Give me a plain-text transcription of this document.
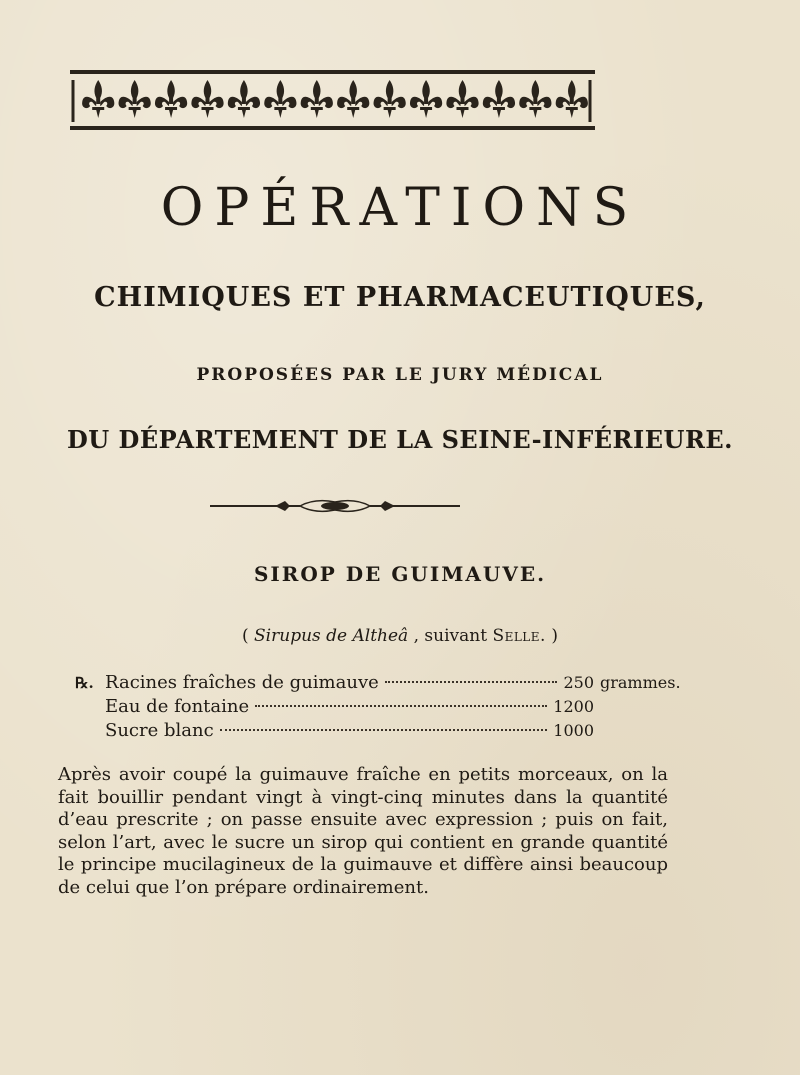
OPÉRATIONS
CHIMIQUES ET PHARMACEUTIQUES,
PROPOSÉES PAR LE JURY MÉDICAL
DU DÉPARTEMENT DE LA SEINE-INFÉRIEURE.
SIROP DE GUIMAUVE.
( Sirupus de Altheâ , suivant Selle. )
℞. Racines fraîches de guimauve	250 grammes.
Eau de fontaine	1200
Sucre blanc	1000

Après avoir coupé la guimauve fraîche en petits morceaux, on la fait bouillir pendant vingt à vingt-cinq minutes dans la quantité d’eau prescrite ; on passe ensuite avec expression ; puis on fait, selon l’art, avec le sucre un sirop qui contient en grande quantité le principe mucilagineux de la guimauve et diffère ainsi beaucoup de celui que l’on prépare ordinairement.
